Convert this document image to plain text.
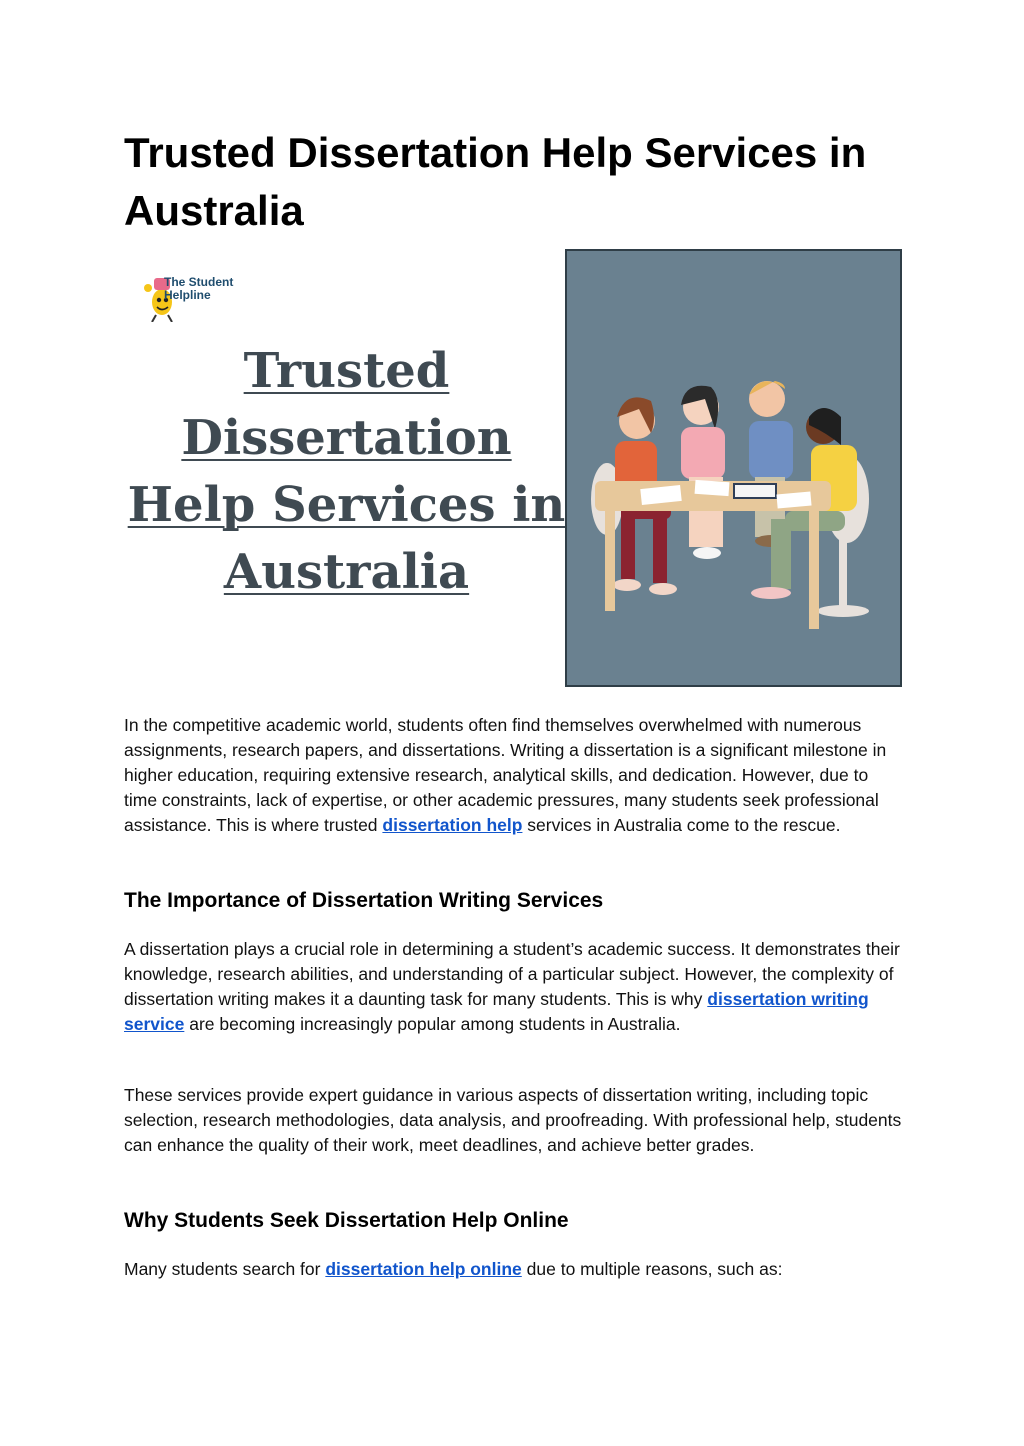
Trusted Dissertation Help Services in Australia
The Student
Helpline
Trusted Dissertation Help Services in Australia

In the competitive academic world, students often find themselves overwhelmed with numerous assignments, research papers, and dissertations. Writing a dissertation is a significant milestone in higher education, requiring extensive research, analytical skills, and dedication. However, due to time constraints, lack of expertise, or other academic pressures, many students seek professional assistance. This is where trusted dissertation help services in Australia come to the rescue.

The Importance of Dissertation Writing Services

A dissertation plays a crucial role in determining a student’s academic success. It demonstrates their knowledge, research abilities, and understanding of a particular subject. However, the complexity of dissertation writing makes it a daunting task for many students. This is why dissertation writing service are becoming increasingly popular among students in Australia.

These services provide expert guidance in various aspects of dissertation writing, including topic selection, research methodologies, data analysis, and proofreading. With professional help, students can enhance the quality of their work, meet deadlines, and achieve better grades.

Why Students Seek Dissertation Help Online

Many students search for dissertation help online due to multiple reasons, such as:
